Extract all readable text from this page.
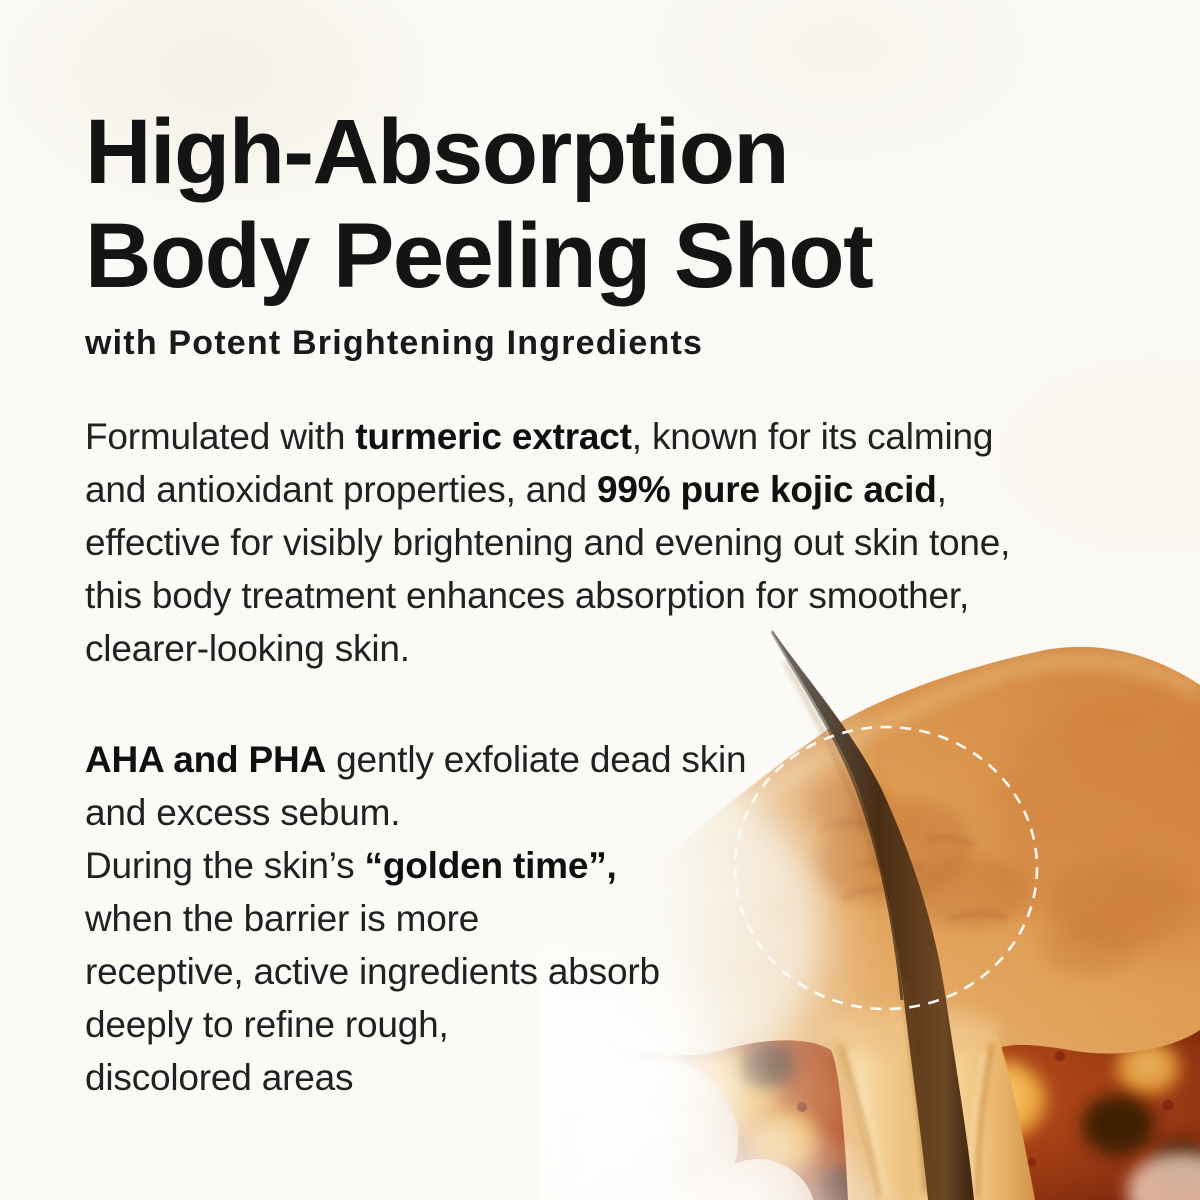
High-Absorption
Body Peeling Shot
with Potent Brightening Ingredients

Formulated with turmeric extract, known for its calming
and antioxidant properties, and 99% pure kojic acid,
effective for visibly brightening and evening out skin tone,
this body treatment enhances absorption for smoother,
clearer-looking skin.

AHA and PHA gently exfoliate dead skin
and excess sebum.
During the skin’s “golden time”,
when the barrier is more
receptive, active ingredients absorb
deeply to refine rough,
discolored areas
